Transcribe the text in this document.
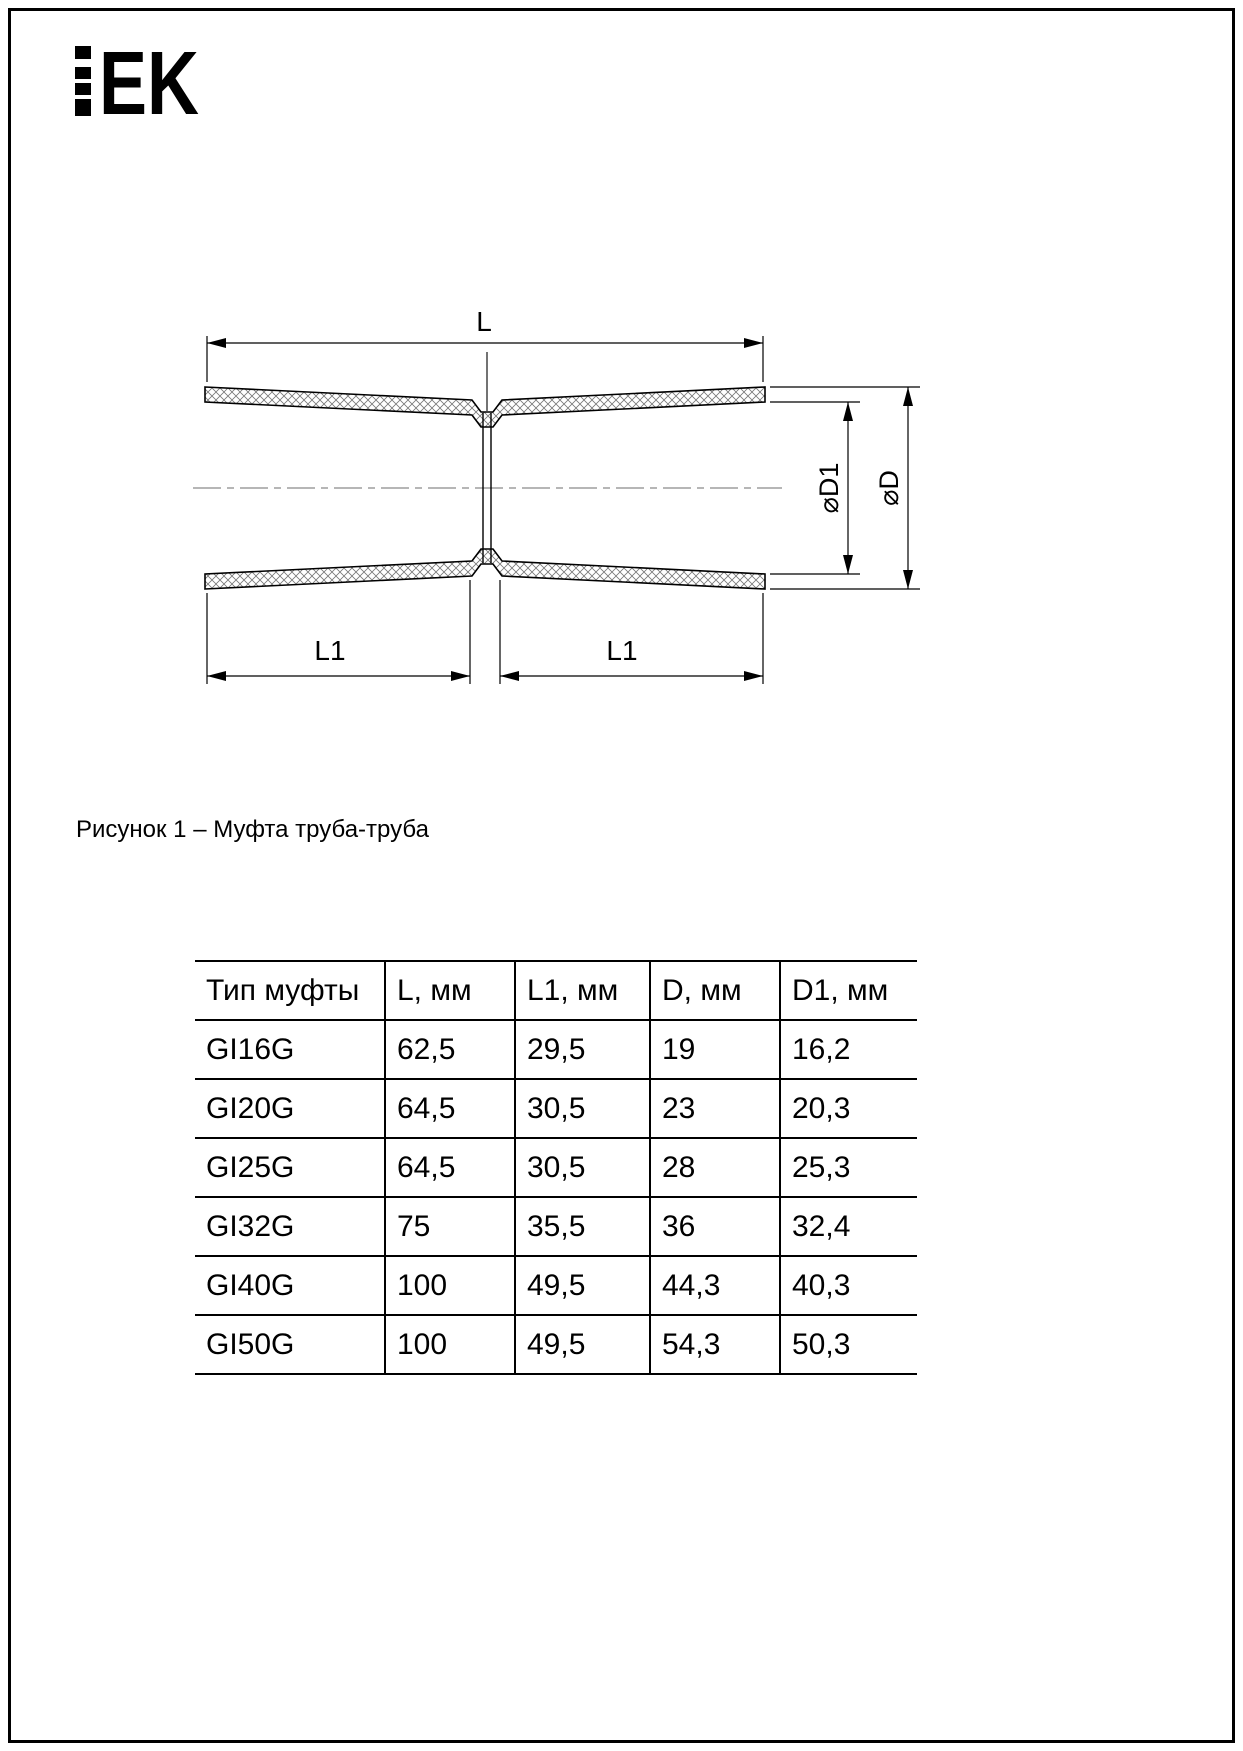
EK
L
L1	L1
⌀D1 ⌀D
Рисунок 1 – Муфта труба-труба
Тип муфты	L, мм	L1, мм	D, мм	D1, мм
GI16G	62,5	29,5	19	16,2
GI20G	64,5	30,5	23	20,3
GI25G	64,5	30,5	28	25,3
GI32G	75	35,5	36	32,4
GI40G	100	49,5	44,3	40,3
GI50G	100	49,5	54,3	50,3
